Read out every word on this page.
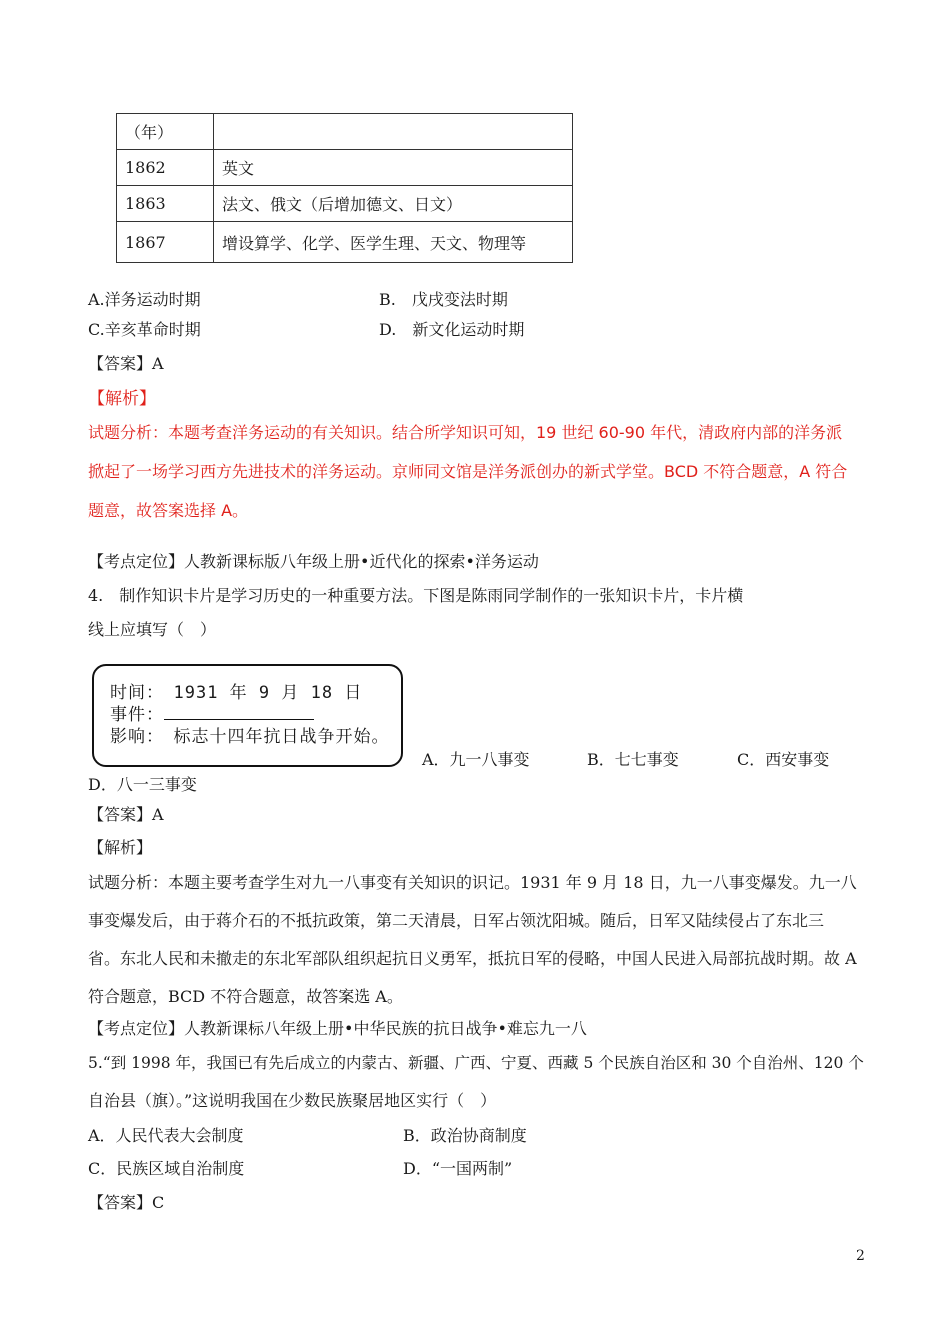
（年）	
1862	英文
1863	法文、俄文（后增加德文、日文）
1867	增设算学、化学、医学生理、天文、物理等
A.洋务运动时期	B.　戊戌变法时期
C.辛亥革命时期	D.　新文化运动时期
【答案】A
【解析】
试题分析：本题考查洋务运动的有关知识。结合所学知识可知，19 世纪 60-90 年代，清政府内部的洋务派
掀起了一场学习西方先进技术的洋务运动。京师同文馆是洋务派创办的新式学堂。BCD 不符合题意，A 符合
题意，故答案选择 A。
【考点定位】人教新课标版八年级上册•近代化的探索•洋务运动
4.　制作知识卡片是学习历史的一种重要方法。下图是陈雨同学制作的一张知识卡片，卡片横
线上应填写（　）
时间：　1931 年 9 月 18 日
事件：
影响：　标志十四年抗日战争开始。
A．九一八事变	B．七七事变	C．西安事变
D．八一三事变
【答案】A
【解析】
试题分析：本题主要考查学生对九一八事变有关知识的识记。1931 年 9 月 18 日，九一八事变爆发。九一八
事变爆发后，由于蒋介石的不抵抗政策，第二天清晨，日军占领沈阳城。随后，日军又陆续侵占了东北三
省。东北人民和未撤走的东北军部队组织起抗日义勇军，抵抗日军的侵略，中国人民进入局部抗战时期。故 A
符合题意，BCD 不符合题意，故答案选 A。
【考点定位】人教新课标八年级上册•中华民族的抗日战争•难忘九一八
5.“到 1998 年，我国已有先后成立的内蒙古、新疆、广西、宁夏、西藏 5 个民族自治区和 30 个自治州、120 个
自治县（旗）。”这说明我国在少数民族聚居地区实行（　）
A．人民代表大会制度	B．政治协商制度
C．民族区域自治制度	D．“一国两制”
【答案】C
2
